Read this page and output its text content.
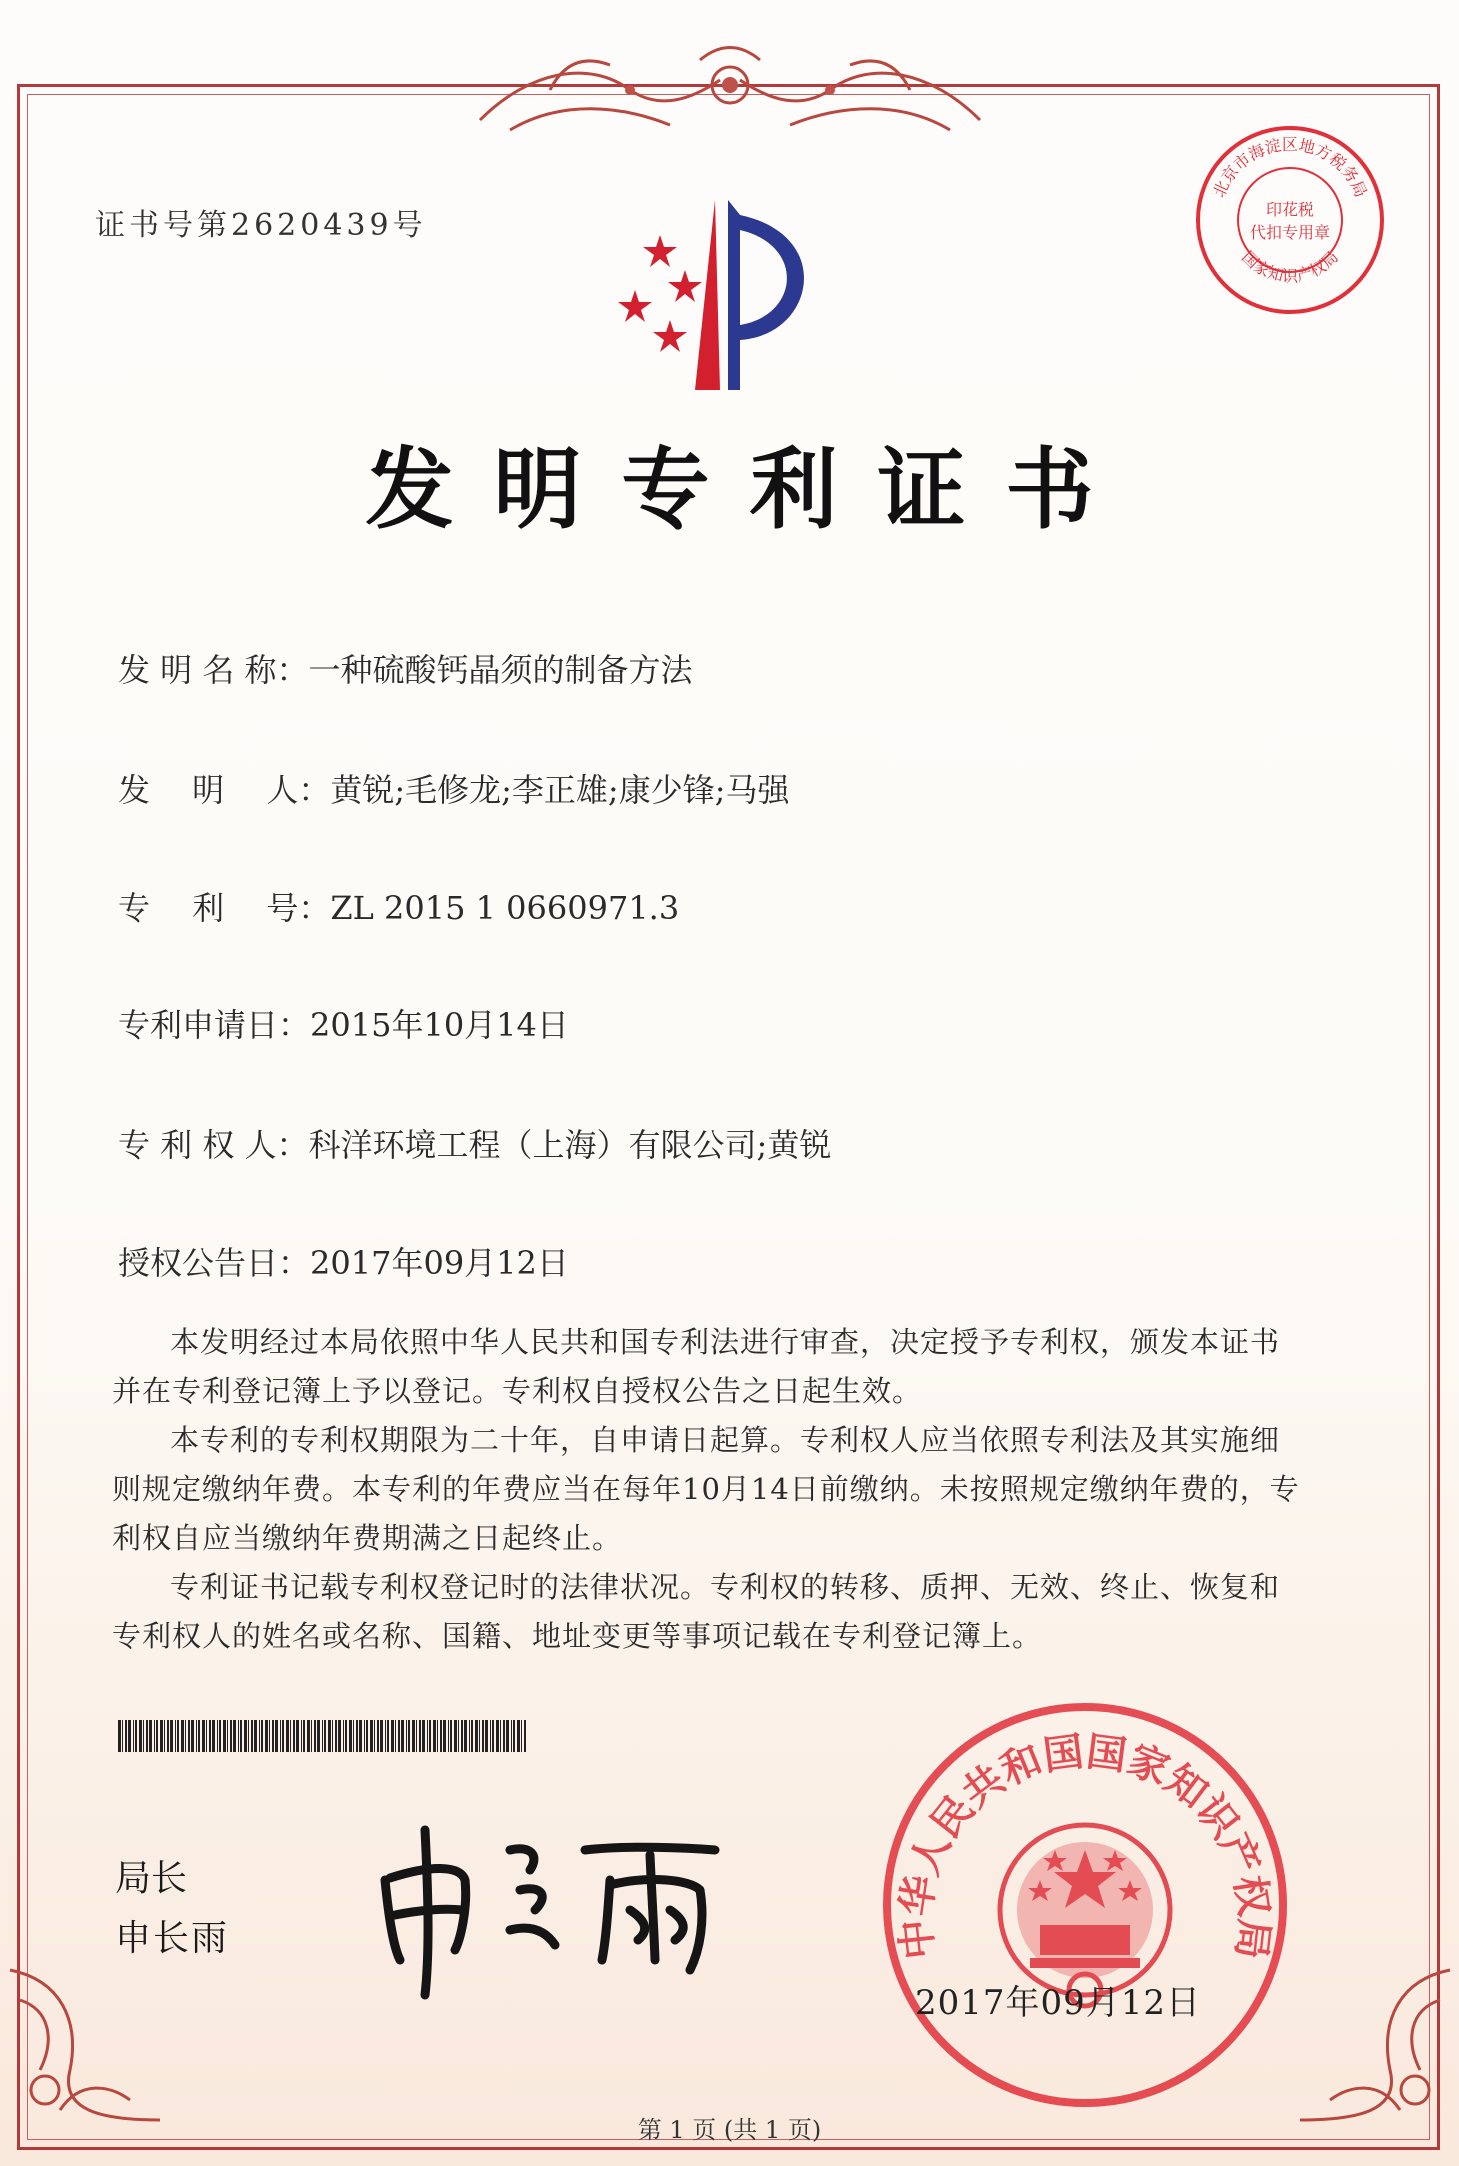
证书号第2620439号
北京市海淀区地方税务局
国家知识产权局
印花税
代扣专用章
发明专利证书
发 明 名 称：一种硫酸钙晶须的制备方法
发　 明　 人：黄锐;毛修龙;李正雄;康少锋;马强
专　 利　 号：ZL 2015 1 0660971.3
专利申请日：2015年10月14日
专 利 权 人：科洋环境工程（上海）有限公司;黄锐
授权公告日：2017年09月12日
本发明经过本局依照中华人民共和国专利法进行审查，决定授予专利权，颁发本证书并在专利登记簿上予以登记。专利权自授权公告之日起生效。
本专利的专利权期限为二十年，自申请日起算。专利权人应当依照专利法及其实施细则规定缴纳年费。本专利的年费应当在每年10月14日前缴纳。未按照规定缴纳年费的，专利权自应当缴纳年费期满之日起终止。
专利证书记载专利权登记时的法律状况。专利权的转移、质押、无效、终止、恢复和专利权人的姓名或名称、国籍、地址变更等事项记载在专利登记簿上。
局长
申长雨	中华人民共和国国家知识产权局
2017年09月12日
第 1 页 (共 1 页)
